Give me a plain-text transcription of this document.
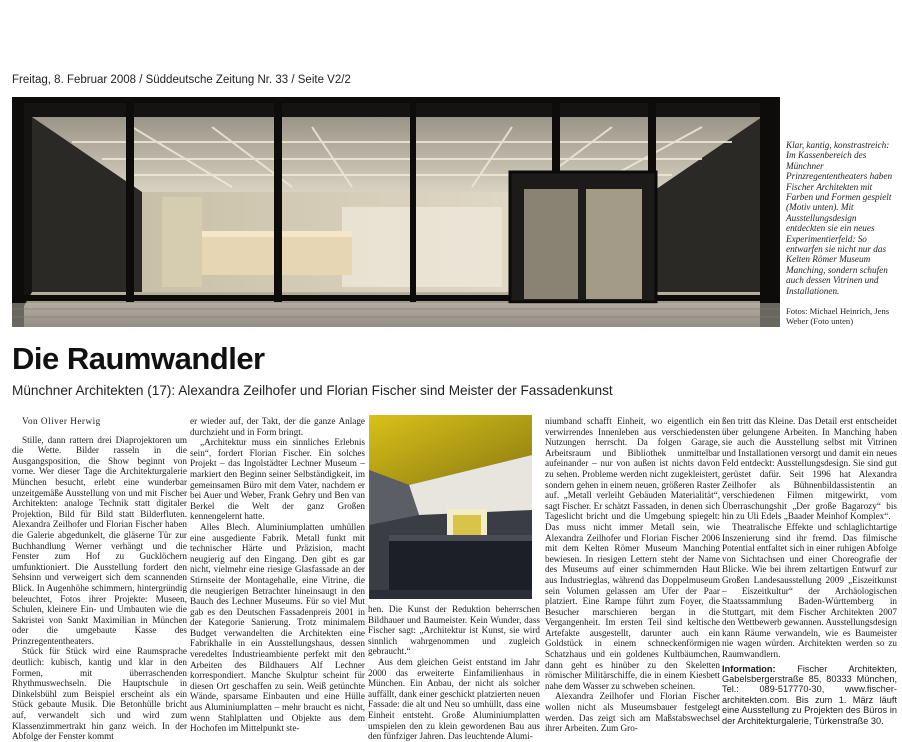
Freitag, 8. Februar 2008 / Süddeutsche Zeitung Nr. 33 / Seite V2/2
Klar, kantig, konstrastreich: Im Kassenbereich des Münchner Prinzregententheaters haben Fischer Architekten mit Farben und Formen gespielt (Motiv unten). Mit Ausstellungsdesign entdeckten sie ein neues Experimentierfeld: So entwarfen sie nicht nur das Kelten Römer Museum Manching, sondern schufen auch dessen Vitrinen und Installationen.
Fotos: Michael Heinrich, Jens Weber (Foto unten)
Die Raumwandler
Münchner Architekten (17): Alexandra Zeilhofer und Florian Fischer sind Meister der Fassadenkunst

Von Oliver Herwig

Stille, dann rattern drei Diaprojektoren um die Wette. Bilder rasseln in die Ausgangsposition, die Show beginnt von vorne. Wer dieser Tage die Architekturgalerie München besucht, erlebt eine wunderbar unzeitgemäße Ausstellung von und mit Fischer Architekten: analoge Technik statt digitaler Projektion, Bild für Bild statt Bilderfluten. Alexandra Zeilhofer und Florian Fischer haben die Galerie abgedunkelt, die gläserne Tür zur Buchhandlung Werner verhängt und die Fenster zum Hof zu Gucklöchern umfunktioniert. Die Ausstellung fordert den Sehsinn und verweigert sich dem scannenden Blick. In Augenhöhe schimmern, hintergründig beleuchtet, Fotos ihrer Projekte: Museen, Schulen, kleinere Ein- und Umbauten wie die Sakristei von Sankt Maximilian in München oder die umgebaute Kasse des Prinzregententheaters.

Stück für Stück wird eine Raumsprache deutlich: kubisch, kantig und klar in den Formen, mit überraschenden Rhythmuswechseln. Die Hauptschule in Dinkelsbühl zum Beispiel erscheint als ein Stück gebaute Musik. Die Betonhülle bricht auf, verwandelt sich und wird zum Klassenzimmertrakt hin ganz weich. In der Abfolge der Fenster kommt

er wieder auf, der Takt, der die ganze Anlage durchzieht und in Form bringt.

„Architektur muss ein sinnliches Erlebnis sein“, fordert Florian Fischer. Ein solches Projekt – das Ingolstädter Lechner Museum – markiert den Beginn seiner Selbständigkeit, im gemeinsamen Büro mit dem Vater, nachdem er bei Auer und Weber, Frank Gehry und Ben van Berkel die Welt der ganz Großen kennengelernt hatte.

Alles Blech. Aluminiumplatten umhüllen eine ausgediente Fabrik. Metall funkt mit technischer Härte und Präzision, macht neugierig auf den Eingang. Den gibt es gar nicht, vielmehr eine riesige Glasfassade an der Stirnseite der Montagehalle, eine Vitrine, die die neugierigen Betrachter hineinsaugt in den Bauch des Lechner Museums. Für so viel Mut gab es den Deutschen Fassadenpreis 2001 in der Kategorie Sanierung. Trotz minimalem Budget verwandelten die Architekten eine Fabrikhalle in ein Ausstellungshaus, dessen veredeltes Industrieambiente perfekt mit den Arbeiten des Bildhauers Alf Lechner korrespondiert. Manche Skulptur scheint für diesen Ort geschaffen zu sein. Weiß getünchte Wände, sparsame Einbauten und eine Hülle aus Aluminiumplatten – mehr braucht es nicht, wenn Stahlplatten und Objekte aus dem Hochofen im Mittelpunkt ste-

hen. Die Kunst der Reduktion beherrschen Bildhauer und Baumeister. Kein Wunder, dass Fischer sagt: „Architektur ist Kunst, sie wird sinnlich wahrgenommen und zugleich gebraucht.“

Aus dem gleichen Geist entstand im Jahr 2000 das erweiterte Einfamilienhaus in München. Ein Anbau, der nicht als solcher auffällt, dank einer geschickt platzierten neuen Fassade: die alt und Neu so umhüllt, dass eine Einheit entsteht. Große Aluminiumplatten umspielen den zu klein gewordenen Bau aus den fünfziger Jahren. Das leuchtende Alumi-

niumband schafft Einheit, wo eigentlich ein verwirrendes Innenleben aus verschiedensten Nutzungen herrscht. Da folgen Garage, Arbeitsraum und Bibliothek unmittelbar aufeinander – nur von außen ist nichts davon zu sehen. Probleme werden nicht zugekleistert, sondern gehen in einem neuen, größeren Raster auf. „Metall verleiht Gebäuden Materialität“, sagt Fischer. Er schätzt Fassaden, in denen sich Tageslicht bricht und die Umgebung spiegelt: Das muss nicht immer Metall sein, wie Alexandra Zeilhofer und Florian Fischer 2006 mit dem Kelten Römer Museum Manching bewiesen. In riesigen Lettern steht der Name des Museums auf einer schimmernden Haut aus Industrieglas, während das Doppelmuseum sein Volumen gelassen am Ufer der Paar platziert. Eine Rampe führt zum Foyer, die Besucher marschieren bergan in die Vergangenheit. Im ersten Teil sind keltische Artefakte ausgestellt, darunter auch ein Goldstück in einem schneckenförmigen Schatzhaus und ein goldenes Kultbäumchen, dann geht es hinüber zu den Skeletten römischer Militärschiffe, die in einem Kiesbett nahe dem Wasser zu schweben scheinen.

Alexandra Zeilhofer und Florian Fischer wollen nicht als Museumsbauer festgelegt werden. Das zeigt sich am Maßstabswechsel ihrer Arbeiten. Zum Gro-

ßen tritt das Kleine. Das Detail erst entscheidet über gelungene Arbeiten. In Manching haben sie auch die Ausstellung selbst mit Vitrinen und Installationen versorgt und damit ein neues Feld entdeckt: Ausstellungsdesign. Sie sind gut gerüstet dafür. Seit 1996 hat Alexandra Zeilhofer als Bühnenbildassistentin an verschiedenen Filmen mitgewirkt, vom Überraschungshit „Der große Bagarozy“ bis hin zu Uli Edels „Baader Meinhof Komplex“.

Theatralische Effekte und schlaglichtartige Inszenierung sind ihr fremd. Das filmische Potential entfaltet sich in einer ruhigen Abfolge von Sichtachsen und einer Choreografie der Blicke. Wie bei ihrem zeltartigen Entwurf zur Großen Landesausstellung 2009 „Eiszeitkunst – Eiszeitkultur“ der Archäologischen Staatssammlung Baden-Württemberg in Stuttgart, mit dem Fischer Architekten 2007 den Wettbewerb gewannen. Ausstellungsdesign kann Räume verwandeln, wie es Baumeister nie wagen würden. Architekten werden so zu Raumwandlern.

Information: Fischer Architekten, Gabelsbergerstraße 85, 80333 München, Tel.: 089-517770-30, www.fischer-architekten.com. Bis zum 1. März läuft eine Ausstellung zu Projekten des Büros in der Architekturgalerie, Türkenstraße 30.
